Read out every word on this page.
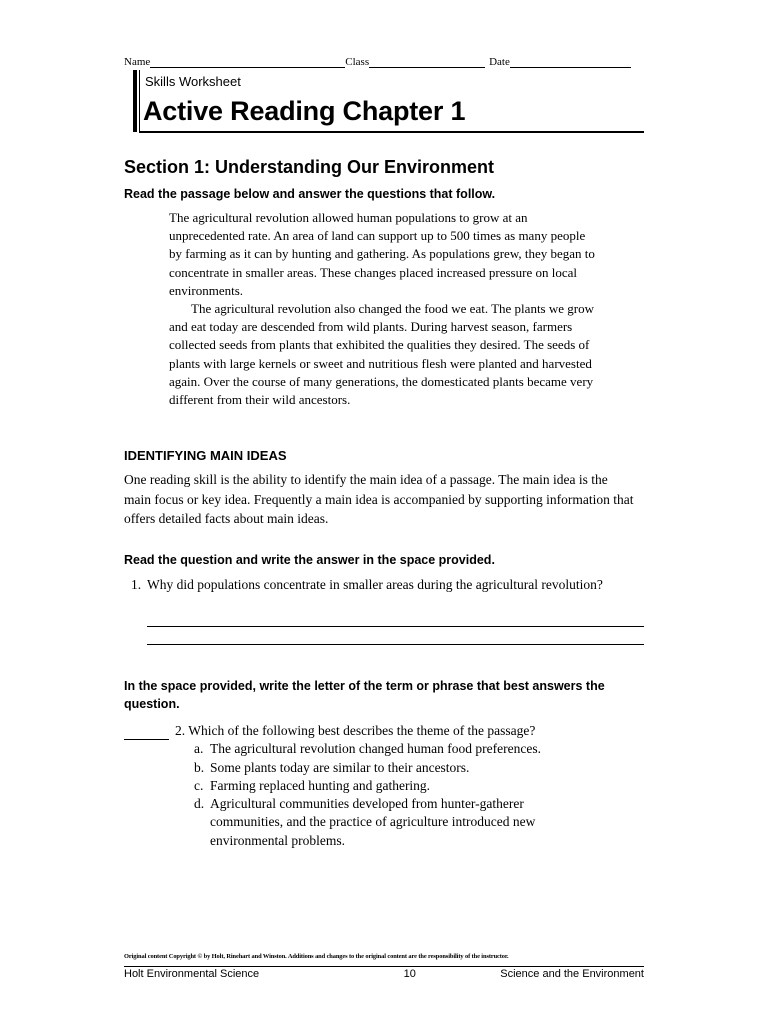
Name	Class	Date
Skills Worksheet
Active Reading Chapter 1
Section 1: Understanding Our Environment
Read the passage below and answer the questions that follow.

The agricultural revolution allowed human populations to grow at an unprecedented rate. An area of land can support up to 500 times as many people by farming as it can by hunting and gathering. As populations grew, they began to concentrate in smaller areas. These changes placed increased pressure on local environments.

The agricultural revolution also changed the food we eat. The plants we grow and eat today are descended from wild plants. During harvest season, farmers collected seeds from plants that exhibited the qualities they desired. The seeds of plants with large kernels or sweet and nutritious flesh were planted and harvested again. Over the course of many generations, the domesticated plants became very different from their wild ancestors.

IDENTIFYING MAIN IDEAS
One reading skill is the ability to identify the main idea of a passage. The main idea is the main focus or key idea. Frequently a main idea is accompanied by supporting information that offers detailed facts about main ideas.
Read the question and write the answer in the space provided.
1. Why did populations concentrate in smaller areas during the agricultural revolution?
In the space provided, write the letter of the term or phrase that best answers the question.
2. Which of the following best describes the theme of the passage?
a. The agricultural revolution changed human food preferences.
b. Some plants today are similar to their ancestors.
c. Farming replaced hunting and gathering.
d. Agricultural communities developed from hunter-gatherer communities, and the practice of agriculture introduced new environmental problems.
Original content Copyright © by Holt, Rinehart and Winston. Additions and changes to the original content are the responsibility of the instructor.
Holt Environmental Science	10	Science and the Environment
